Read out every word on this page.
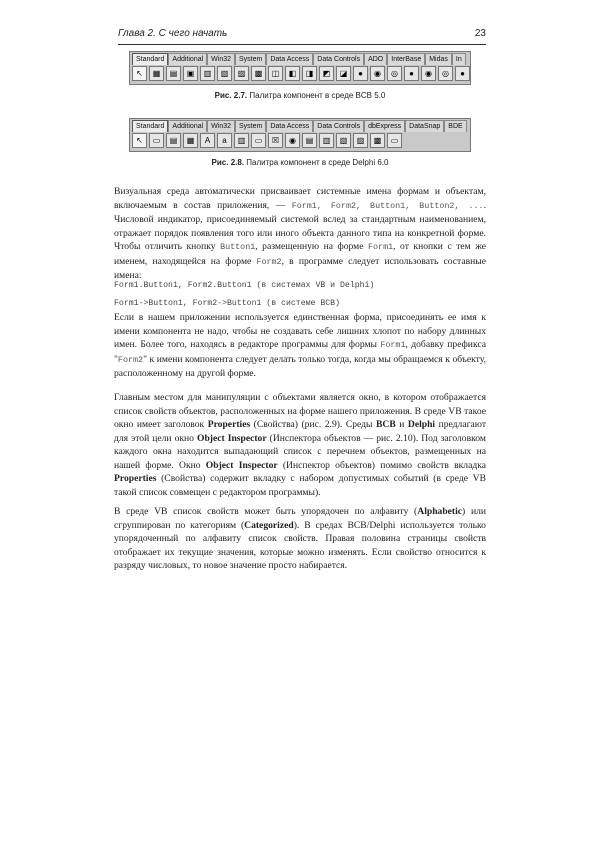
Глава 2. С чего начать	23
Standard	Additional	Win32	System	Data Access	Data Controls	ADO	InterBase	Midas	In
↖	▦	▤	▣	▥	▧	▨	▩	◫	◧	◨	◩	◪	●	◉	◎	●	◉	◎	●
Рис. 2.7. Палитра компонент в среде BCB 5.0
Standard	Additional	Win32	System	Data Access	Data Controls	dbExpress	DataSnap	BDE
↖	▭	▤	▦	A	a	▥	▭	☒	◉	▤	▥	▧	▨	▩	▭
Рис. 2.8. Палитра компонент в среде Delphi 6.0

Визуальная среда автоматически присваивает системные имена формам и объектам, включаемым в состав приложения, — Form1, Form2, Button1, Button2, .... Числовой индикатор, присоединяемый системой вслед за стандартным наименованием, отражает порядок появления того или иного объекта данного типа на конкретной форме. Чтобы отличить кнопку Button1, размещенную на форме Form1, от кнопки с тем же именем, находящейся на форме Form2, в программе следует использовать составные имена:

Form1.Button1, Form2.Button1 (в системах VB и Delphi)
Form1->Button1, Form2->Button1 (в системе BCB)

Если в нашем приложении используется единственная форма, присоединять ее имя к имени компонента не надо, чтобы не создавать себе лишних хлопот по набору длинных имен. Более того, находясь в редакторе программы для формы Form1, добавку префикса "Form2" к имени компонента следует делать только тогда, когда мы обращаемся к объекту, расположенному на другой форме.

Главным местом для манипуляции с объектами является окно, в котором отображается список свойств объектов, расположенных на форме нашего приложения. В среде VB такое окно имеет заголовок Properties (Свойства) (рис. 2.9). Среды BCB и Delphi предлагают для этой цели окно Object Inspector (Инспектора объектов — рис. 2.10). Под заголовком каждого окна находится выпадающий список с перечнем объектов, размещенных на нашей форме. Окно Object Inspector (Инспектор объектов) помимо свойств вкладка Properties (Свойства) содержит вкладку с набором допустимых событий (в среде VB такой список совмещен с редактором программы).

В среде VB список свойств может быть упорядочен по алфавиту (Alphabetic) или сгруппирован по категориям (Categorized). В средах BCB/Delphi используется только упорядоченный по алфавиту список свойств. Правая половина страницы свойств отображает их текущие значения, которые можно изменять. Если свойство относится к разряду числовых, то новое значение просто набирается.
